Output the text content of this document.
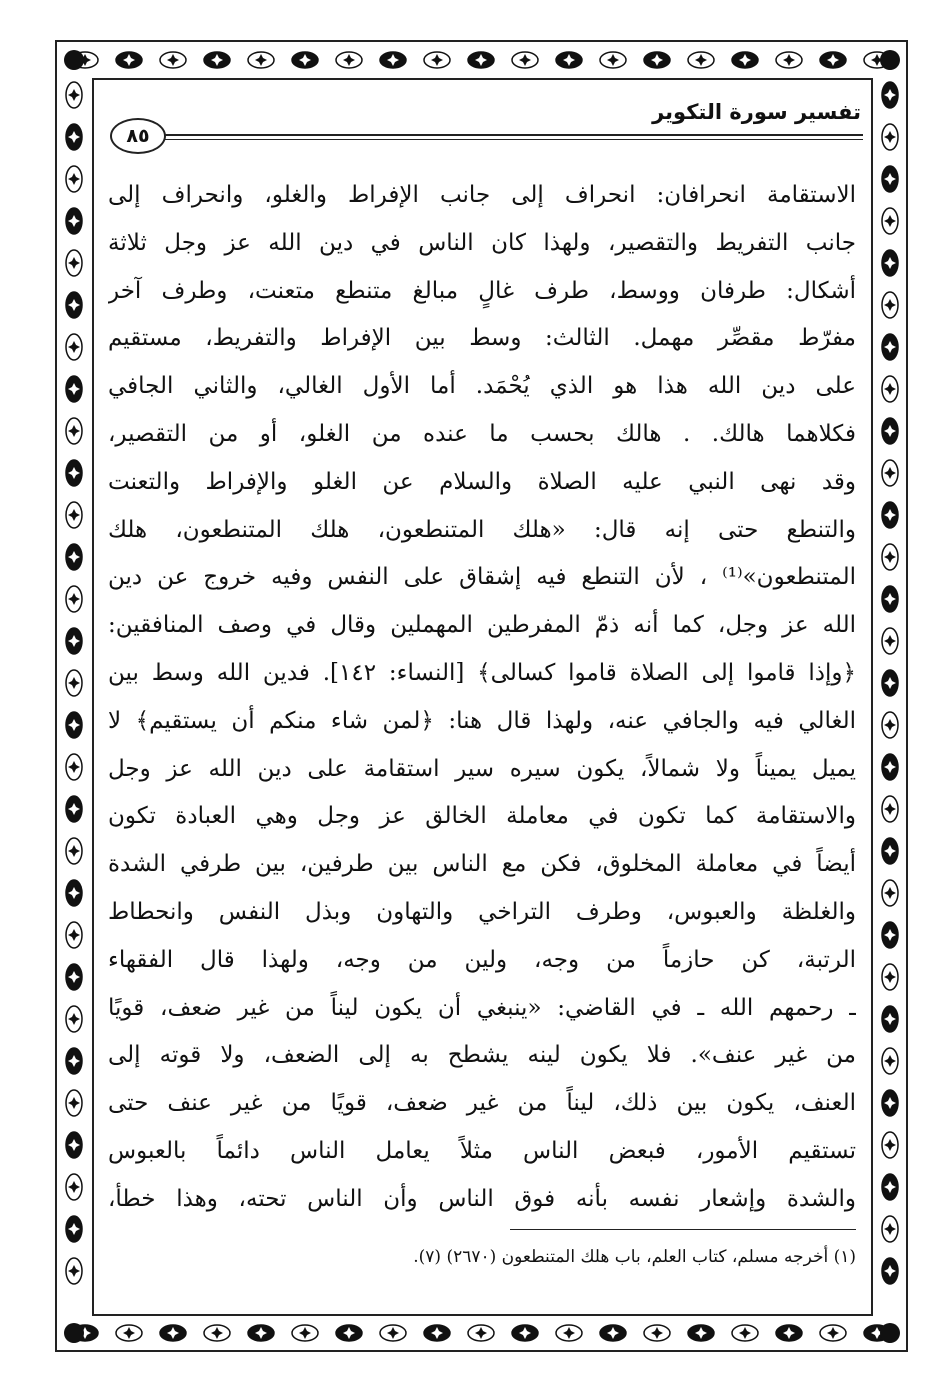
تفسير سورة التكوير
٨٥
الاستقامة انحرافان: انحراف إلى جانب الإفراط والغلو، وانحراف إلى
جانب التفريط والتقصير، ولهذا كان الناس في دين الله عز وجل ثلاثة
أشكال: طرفان ووسط، طرف غالٍ مبالغ متنطع متعنت، وطرف آخر
مفرّط مقصِّر مهمل. الثالث: وسط بين الإفراط والتفريط، مستقيم
على دين الله هذا هو الذي يُحْمَد. أما الأول الغالي، والثاني الجافي
فكلاهما هالك. . هالك بحسب ما عنده من الغلو، أو من التقصير،
وقد نهى النبي عليه الصلاة والسلام عن الغلو والإفراط والتعنت
والتنطع حتى إنه قال: «هلك المتنطعون، هلك المتنطعون، هلك
المتنطعون»⁽¹⁾ ، لأن التنطع فيه إشقاق على النفس وفيه خروج عن دين
الله عز وجل، كما أنه ذمّ المفرطين المهملين وقال في وصف المنافقين:
﴿وإذا قاموا إلى الصلاة قاموا كسالى﴾ [النساء: ١٤٢]. فدين الله وسط بين
الغالي فيه والجافي عنه، ولهذا قال هنا: ﴿لمن شاء منكم أن يستقيم﴾ لا
يميل يميناً ولا شمالاً، يكون سيره سير استقامة على دين الله عز وجل
والاستقامة كما تكون في معاملة الخالق عز وجل وهي العبادة تكون
أيضاً في معاملة المخلوق، فكن مع الناس بين طرفين، بين طرفي الشدة
والغلظة والعبوس، وطرف التراخي والتهاون وبذل النفس وانحطاط
الرتبة، كن حازماً من وجه، ولين من وجه، ولهذا قال الفقهاء
ـ رحمهم الله ـ في القاضي: «ينبغي أن يكون ليناً من غير ضعف، قويًا
من غير عنف». فلا يكون لينه يشطح به إلى الضعف، ولا قوته إلى
العنف، يكون بين ذلك، ليناً من غير ضعف، قويًا من غير عنف حتى
تستقيم الأمور، فبعض الناس مثلاً يعامل الناس دائماً بالعبوس
والشدة وإشعار نفسه بأنه فوق الناس وأن الناس تحته، وهذا خطأ،
(١) أخرجه مسلم، كتاب العلم، باب هلك المتنطعون (٢٦٧٠) (٧).
